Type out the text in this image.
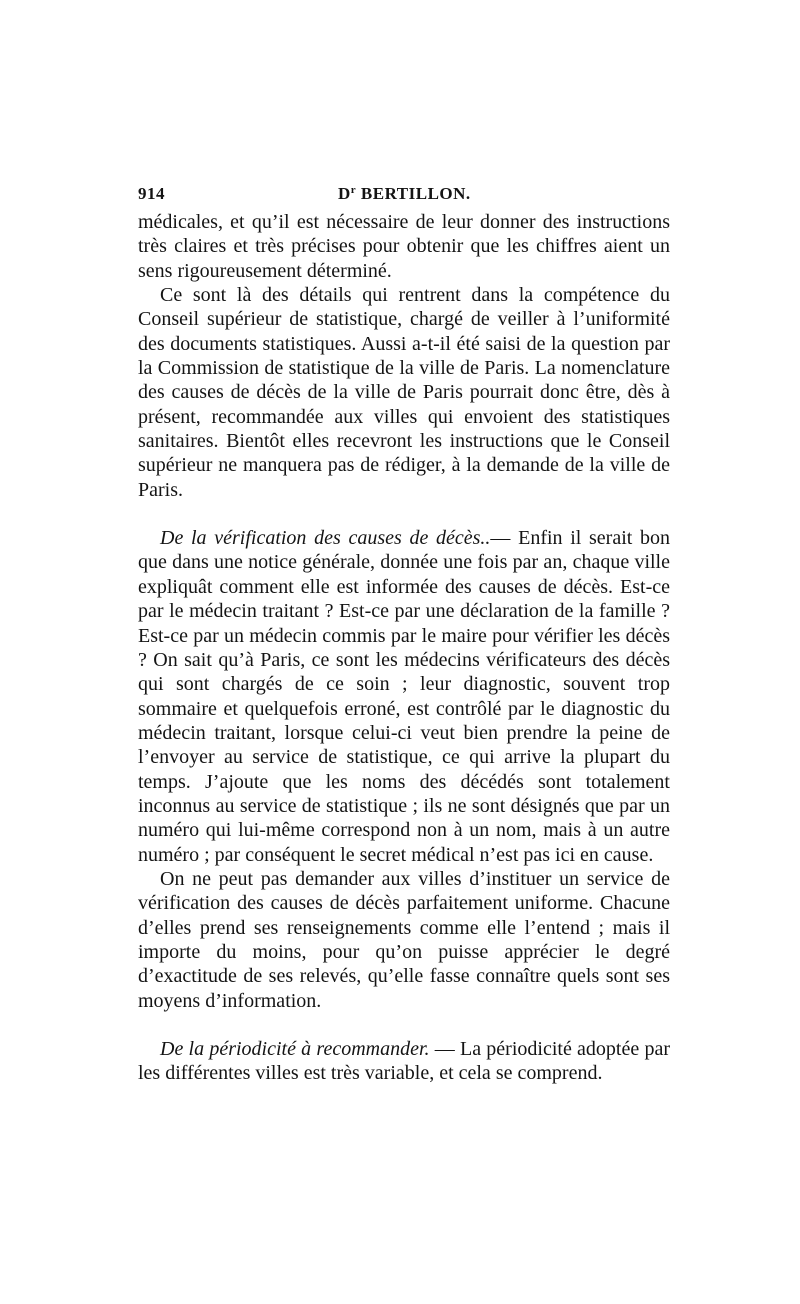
914	$D^r$ BERTILLON.

médicales, et qu’il est nécessaire de leur donner des instructions très claires et très précises pour obtenir que les chiffres aient un sens rigoureusement déterminé.

Ce sont là des détails qui rentrent dans la compétence du Conseil supérieur de statistique, chargé de veiller à l’uniformité des documents statistiques. Aussi a-t-il été saisi de la question par la Commission de statistique de la ville de Paris. La nomenclature des causes de décès de la ville de Paris pourrait donc être, dès à présent, recommandée aux villes qui envoient des statistiques sanitaires. Bientôt elles recevront les instructions que le Conseil supérieur ne manquera pas de rédiger, à la demande de la ville de Paris.

De la vérification des causes de décès..— Enfin il serait bon que dans une notice générale, donnée une fois par an, chaque ville expliquât comment elle est informée des causes de décès. Est-ce par le médecin traitant ? Est-ce par une déclaration de la famille ? Est-ce par un médecin commis par le maire pour vérifier les décès ? On sait qu’à Paris, ce sont les médecins vérificateurs des décès qui sont chargés de ce soin ; leur diagnostic, souvent trop sommaire et quelquefois erroné, est contrôlé par le diagnostic du médecin traitant, lorsque celui-ci veut bien prendre la peine de l’envoyer au service de statistique, ce qui arrive la plupart du temps. J’ajoute que les noms des décédés sont totalement inconnus au service de statistique ; ils ne sont désignés que par un numéro qui lui-même correspond non à un nom, mais à un autre numéro ; par conséquent le secret médical n’est pas ici en cause.

On ne peut pas demander aux villes d’instituer un service de vérification des causes de décès parfaitement uniforme. Chacune d’elles prend ses renseignements comme elle l’entend ; mais il importe du moins, pour qu’on puisse apprécier le degré d’exactitude de ses relevés, qu’elle fasse connaître quels sont ses moyens d’information.

De la périodicité à recommander. — La périodicité adoptée par les différentes villes est très variable, et cela se comprend.
